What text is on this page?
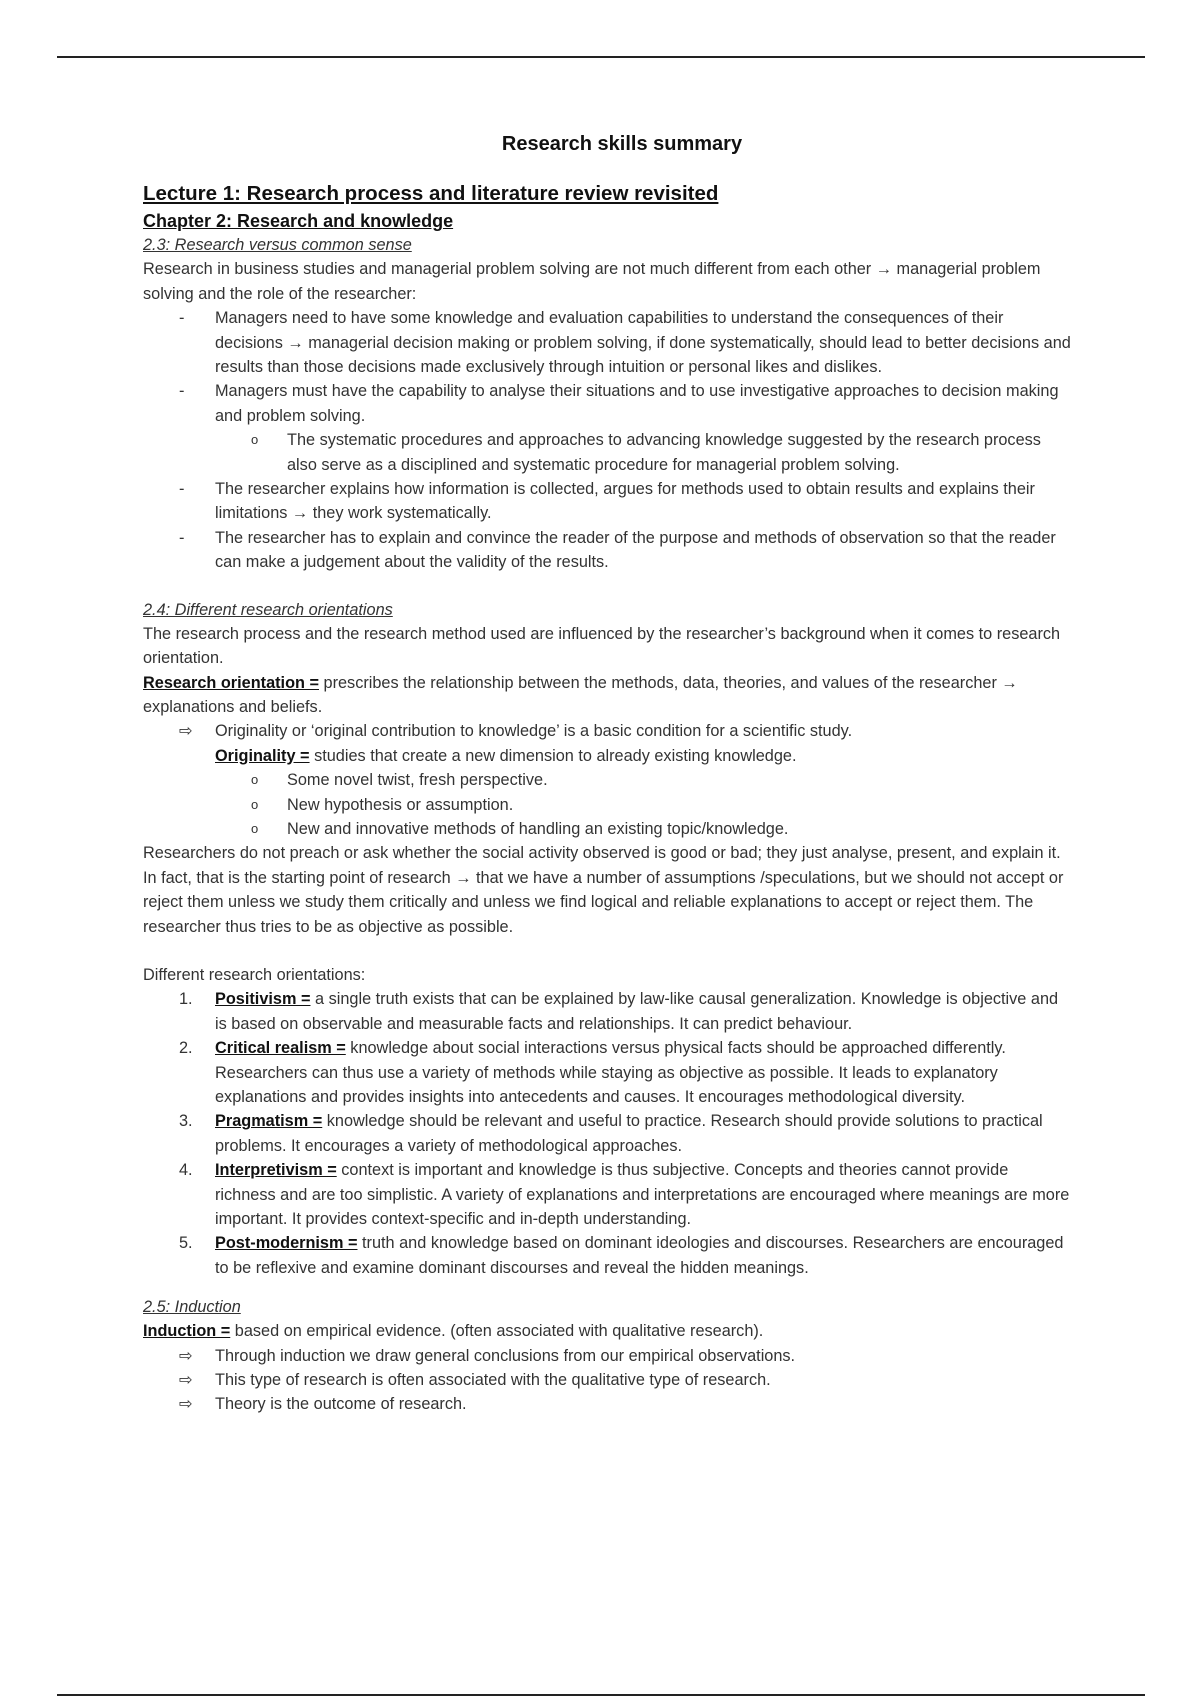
Research skills summary
Lecture 1: Research process and literature review revisited
Chapter 2: Research and knowledge
2.3: Research versus common sense

Research in business studies and managerial problem solving are not much different from each other → managerial problem solving and the role of the researcher:

- Managers need to have some knowledge and evaluation capabilities to understand the consequences of their decisions → managerial decision making or problem solving, if done systematically, should lead to better decisions and results than those decisions made exclusively through intuition or personal likes and dislikes.
- Managers must have the capability to analyse their situations and to use investigative approaches to decision making and problem solving.
o The systematic procedures and approaches to advancing knowledge suggested by the research process also serve as a disciplined and systematic procedure for managerial problem solving.
- The researcher explains how information is collected, argues for methods used to obtain results and explains their limitations → they work systematically.
- The researcher has to explain and convince the reader of the purpose and methods of observation so that the reader can make a judgement about the validity of the results.
2.4: Different research orientations

The research process and the research method used are influenced by the researcher’s background when it comes to research orientation.

Research orientation = prescribes the relationship between the methods, data, theories, and values of the researcher → explanations and beliefs.

⇨ Originality or ‘original contribution to knowledge’ is a basic condition for a scientific study.

Originality = studies that create a new dimension to already existing knowledge.

o Some novel twist, fresh perspective.
o New hypothesis or assumption.
o New and innovative methods of handling an existing topic/knowledge.

Researchers do not preach or ask whether the social activity observed is good or bad; they just analyse, present, and explain it. In fact, that is the starting point of research → that we have a number of assumptions /speculations, but we should not accept or reject them unless we study them critically and unless we find logical and reliable explanations to accept or reject them. The researcher thus tries to be as objective as possible.

Different research orientations:

1. Positivism = a single truth exists that can be explained by law-like causal generalization. Knowledge is objective and is based on observable and measurable facts and relationships. It can predict behaviour.
2. Critical realism = knowledge about social interactions versus physical facts should be approached differently. Researchers can thus use a variety of methods while staying as objective as possible. It leads to explanatory explanations and provides insights into antecedents and causes. It encourages methodological diversity.
3. Pragmatism = knowledge should be relevant and useful to practice. Research should provide solutions to practical problems. It encourages a variety of methodological approaches.
4. Interpretivism = context is important and knowledge is thus subjective. Concepts and theories cannot provide richness and are too simplistic. A variety of explanations and interpretations are encouraged where meanings are more important. It provides context-specific and in-depth understanding.
5. Post-modernism = truth and knowledge based on dominant ideologies and discourses. Researchers are encouraged to be reflexive and examine dominant discourses and reveal the hidden meanings.
2.5: Induction

Induction = based on empirical evidence. (often associated with qualitative research).

⇨ Through induction we draw general conclusions from our empirical observations.
⇨ This type of research is often associated with the qualitative type of research.
⇨ Theory is the outcome of research.
